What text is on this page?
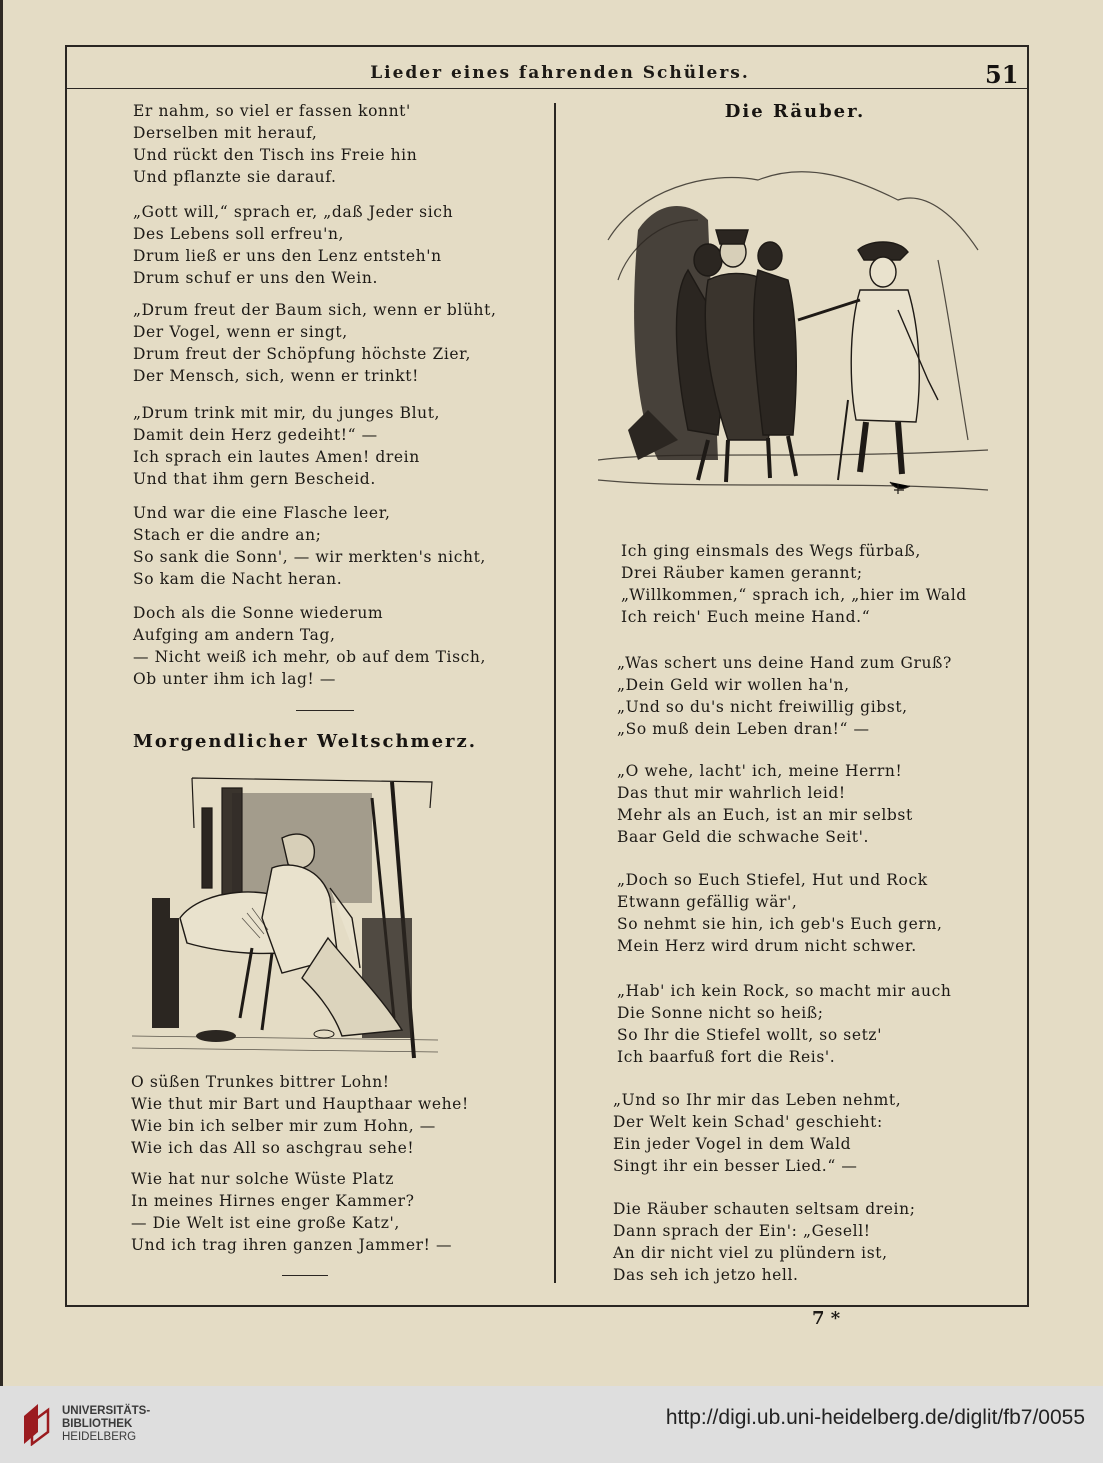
Lieder eines fahrenden Schülers.	51
Er nahm, so viel er fassen konnt'
Derselben mit herauf,
Und rückt den Tisch ins Freie hin
Und pflanzte sie darauf.
„Gott will,“ sprach er, „daß Jeder sich
Des Lebens soll erfreu'n,
Drum ließ er uns den Lenz entsteh'n
Drum schuf er uns den Wein.
„Drum freut der Baum sich, wenn er blüht,
Der Vogel, wenn er singt,
Drum freut der Schöpfung höchste Zier,
Der Mensch, sich, wenn er trinkt!
„Drum trink mit mir, du junges Blut,
Damit dein Herz gedeiht!“ —
Ich sprach ein lautes Amen! drein
Und that ihm gern Bescheid.
Und war die eine Flasche leer,
Stach er die andre an;
So sank die Sonn', — wir merkten's nicht,
So kam die Nacht heran.
Doch als die Sonne wiederum
Aufging am andern Tag,
— Nicht weiß ich mehr, ob auf dem Tisch,
Ob unter ihm ich lag! —
Morgendlicher Weltschmerz.
O süßen Trunkes bittrer Lohn!
Wie thut mir Bart und Haupthaar wehe!
Wie bin ich selber mir zum Hohn, —
Wie ich das All so aschgrau sehe!
Wie hat nur solche Wüste Platz
In meines Hirnes enger Kammer?
— Die Welt ist eine große Katz',
Und ich trag ihren ganzen Jammer! —
Die Räuber.
Ich ging einsmals des Wegs fürbaß,
Drei Räuber kamen gerannt;
„Willkommen,“ sprach ich, „hier im Wald
Ich reich' Euch meine Hand.“
„Was schert uns deine Hand zum Gruß?
„Dein Geld wir wollen ha'n,
„Und so du's nicht freiwillig gibst,
„So muß dein Leben dran!“ —
„O wehe, lacht' ich, meine Herrn!
Das thut mir wahrlich leid!
Mehr als an Euch, ist an mir selbst
Baar Geld die schwache Seit'.
„Doch so Euch Stiefel, Hut und Rock
Etwann gefällig wär',
So nehmt sie hin, ich geb's Euch gern,
Mein Herz wird drum nicht schwer.
„Hab' ich kein Rock, so macht mir auch
Die Sonne nicht so heiß;
So Ihr die Stiefel wollt, so setz'
Ich baarfuß fort die Reis'.
„Und so Ihr mir das Leben nehmt,
Der Welt kein Schad' geschieht:
Ein jeder Vogel in dem Wald
Singt ihr ein besser Lied.“ —
Die Räuber schauten seltsam drein;
Dann sprach der Ein': „Gesell!
An dir nicht viel zu plündern ist,
Das seh ich jetzo hell.
7 *
UNIVERSITÄTS-
BIBLIOTHEK
HEIDELBERG
http://digi.ub.uni-heidelberg.de/diglit/fb7/0055
